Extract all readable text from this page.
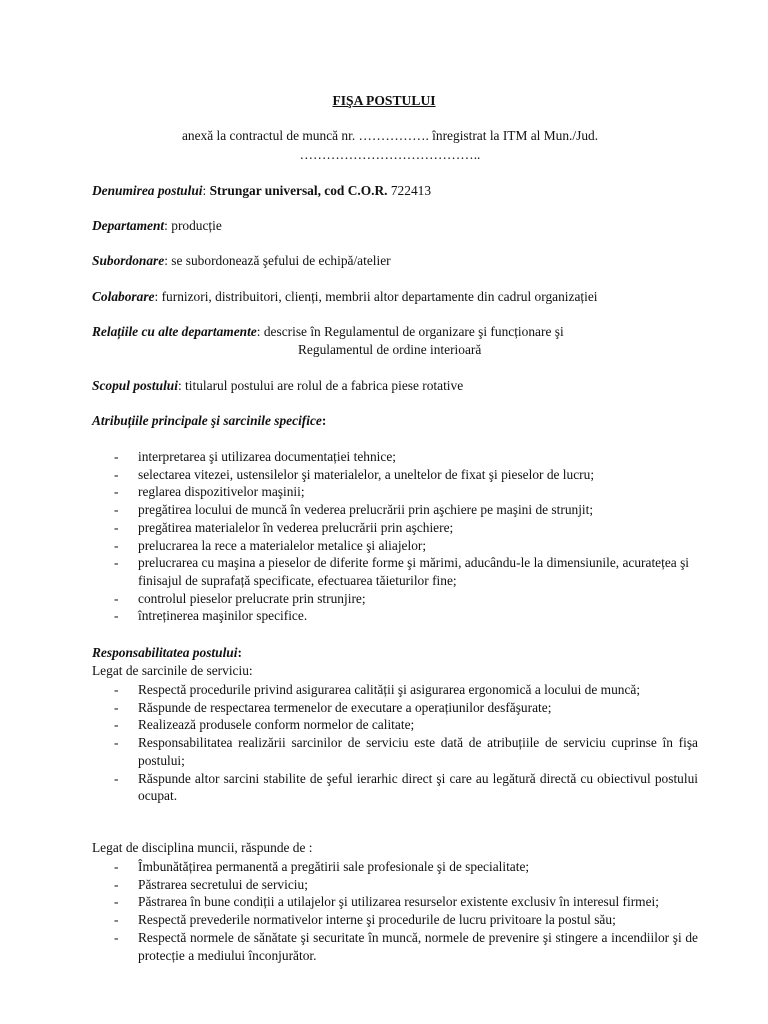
FIŞA POSTULUI
anexă la contractul de muncă nr. ……………. înregistrat la ITM al Mun./Jud.
…………………………………..
Denumirea postului: Strungar universal, cod C.O.R. 722413
Departament: producție
Subordonare: se subordonează şefului de echipă/atelier
Colaborare: furnizori, distribuitori, clienți, membrii altor departamente din cadrul organizației
Relațiile cu alte departamente: descrise în Regulamentul de organizare şi funcționare şi
Regulamentul de ordine interioară
Scopul postului: titularul postului are rolul de a fabrica piese rotative
Atribuțiile principale şi sarcinile specifice:
- interpretarea şi utilizarea documentației tehnice;
- selectarea vitezei, ustensilelor şi materialelor, a uneltelor de fixat şi pieselor de lucru;
- reglarea dispozitivelor maşinii;
- pregătirea locului de muncă în vederea prelucrării prin aşchiere pe maşini de strunjit;
- pregătirea materialelor în vederea prelucrării prin aşchiere;
- prelucrarea la rece a materialelor metalice şi aliajelor;
- prelucrarea cu maşina a pieselor de diferite forme şi mărimi, aducându-le la dimensiunile, acuratețea şi finisajul de suprafață specificate, efectuarea tăieturilor fine;
- controlul pieselor prelucrate prin strunjire;
- întreținerea maşinilor specifice.
Responsabilitatea postului:
Legat de sarcinile de serviciu:
- Respectă procedurile privind asigurarea calității şi asigurarea ergonomică a locului de muncă;
- Răspunde de respectarea termenelor de executare a operațiunilor desfăşurate;
- Realizează produsele conform normelor de calitate;
- Responsabilitatea realizării sarcinilor de serviciu este dată de atribuțiile de serviciu cuprinse în fişa postului;
- Răspunde altor sarcini stabilite de şeful ierarhic direct şi care au legătură directă cu obiectivul postului ocupat.
Legat de disciplina muncii, răspunde de :
- Îmbunătățirea permanentă a pregătirii sale profesionale şi de specialitate;
- Păstrarea secretului de serviciu;
- Păstrarea în bune condiții a utilajelor şi utilizarea resurselor existente exclusiv în interesul firmei;
- Respectă prevederile normativelor interne şi procedurile de lucru privitoare la postul său;
- Respectă normele de sănătate şi securitate în muncă, normele de prevenire şi stingere a incendiilor şi de protecție a mediului înconjurător.
